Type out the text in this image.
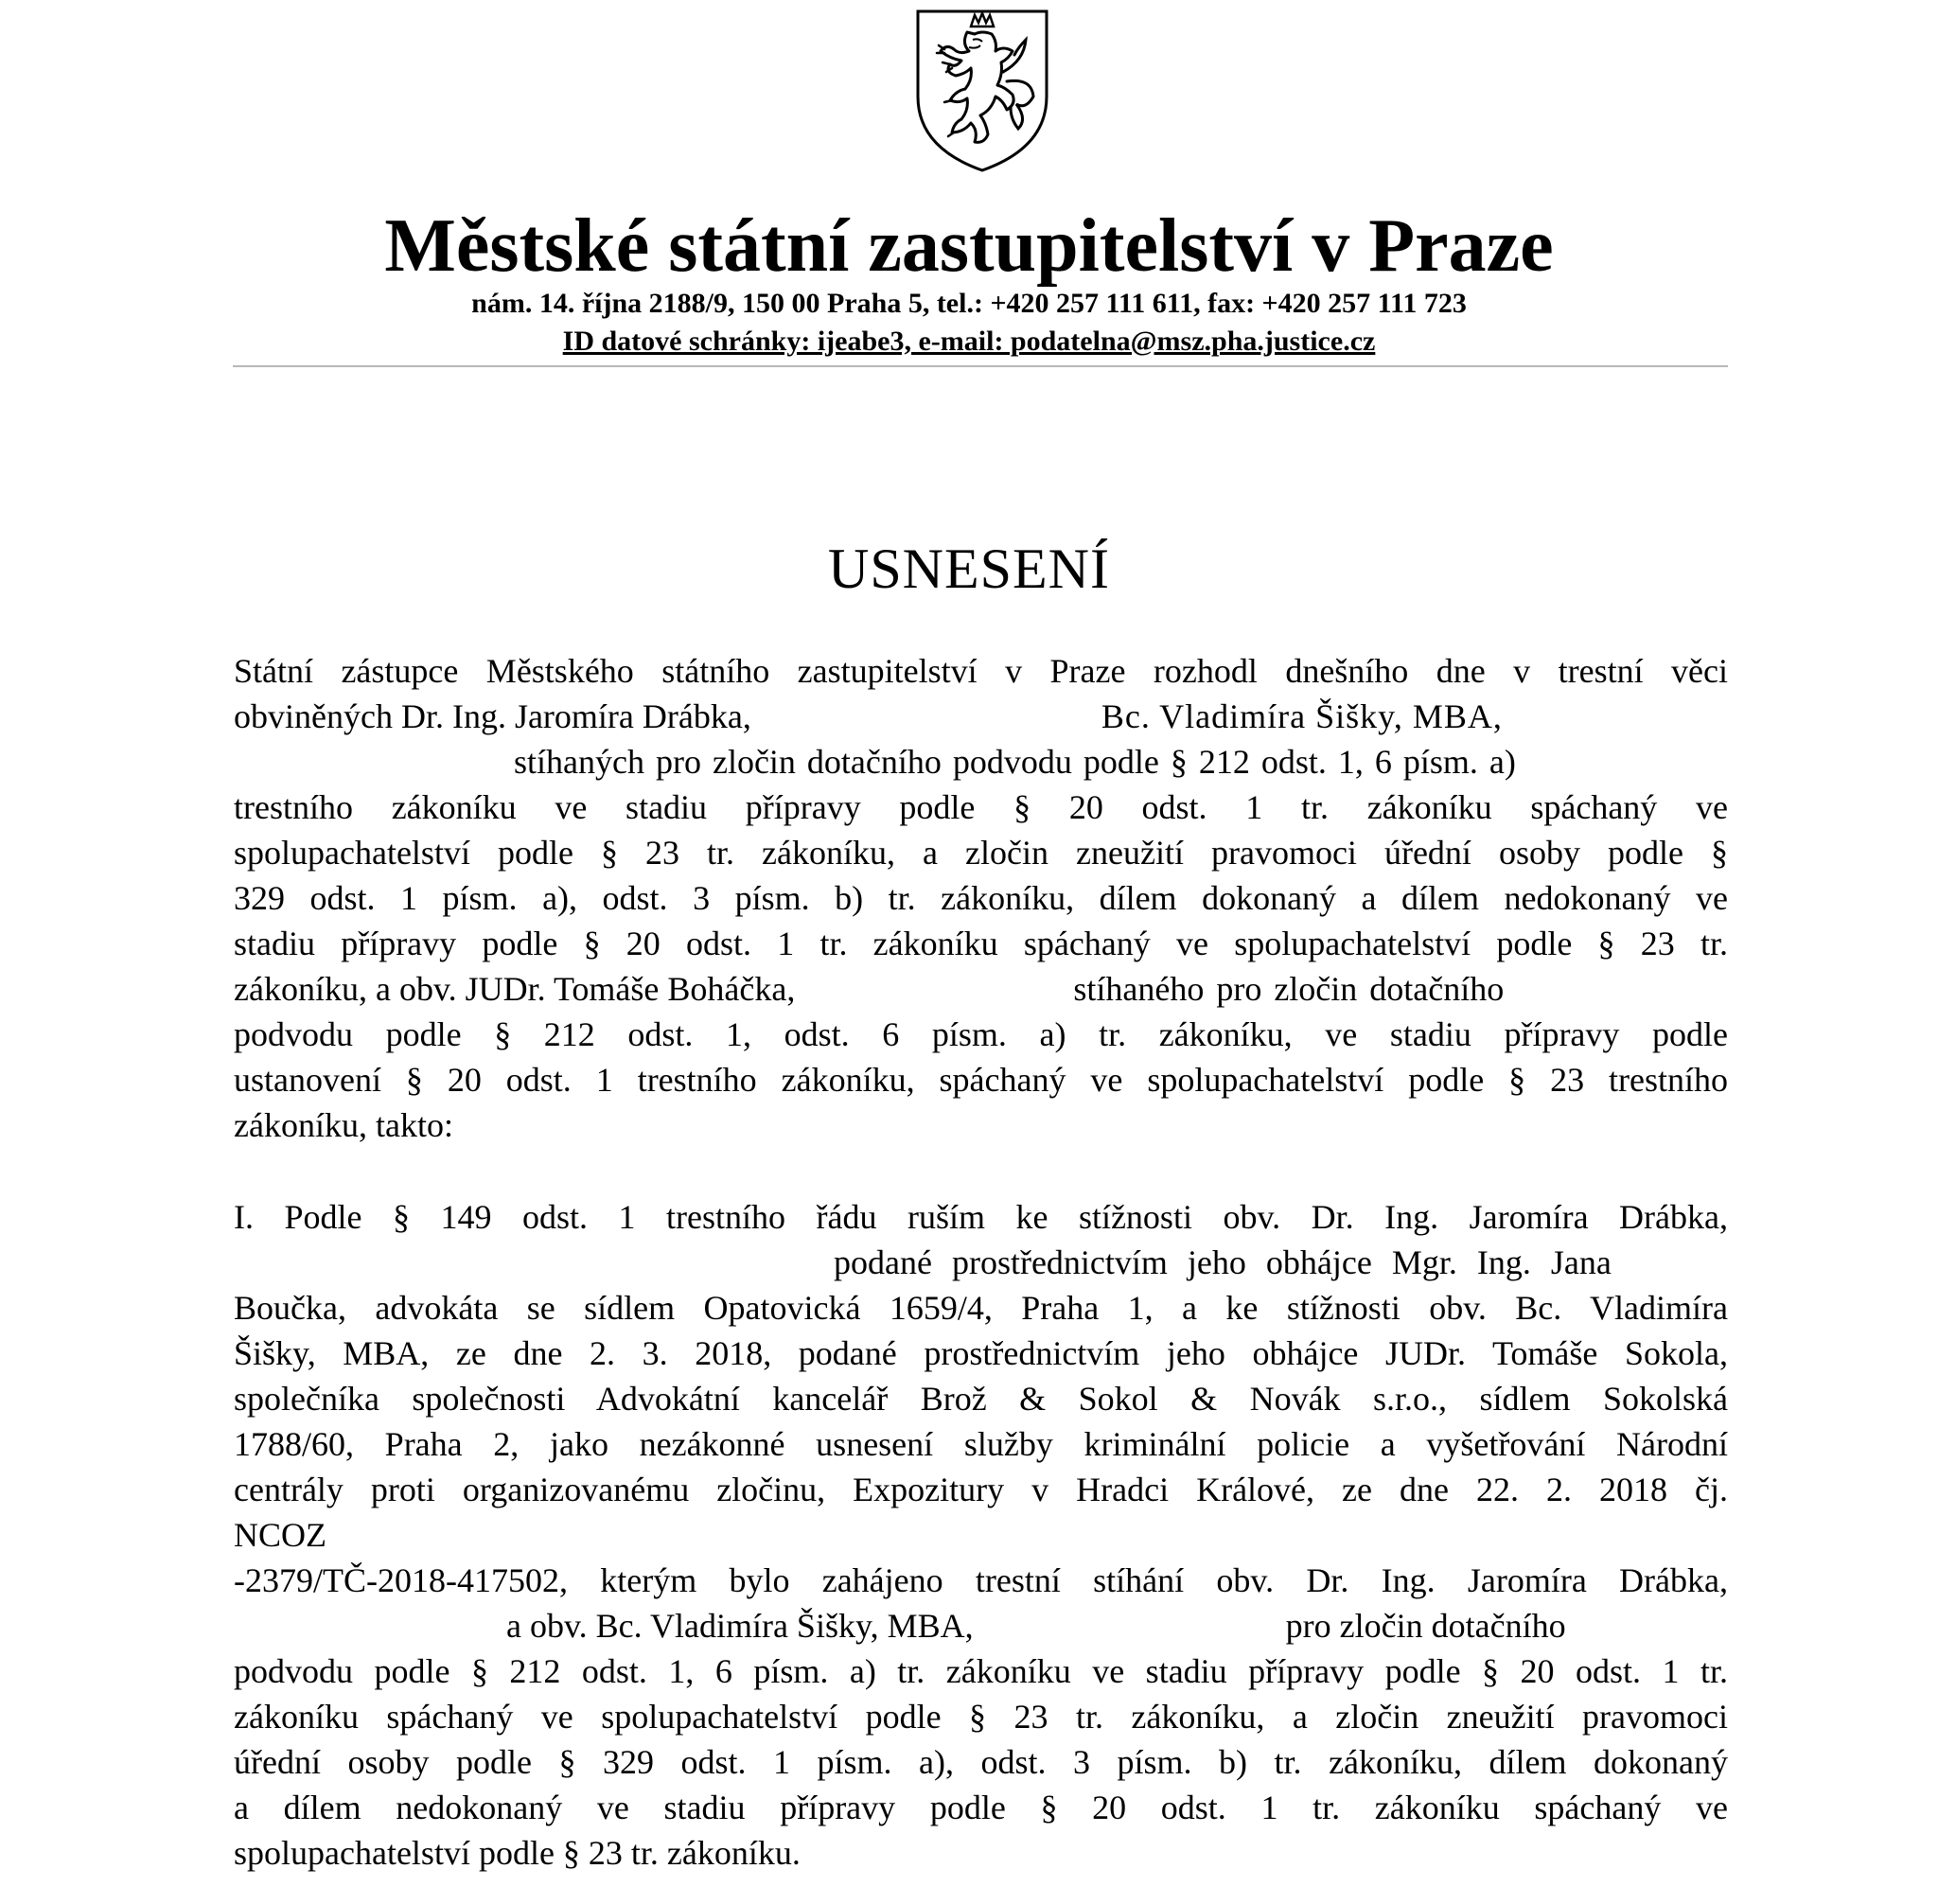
Městské státní zastupitelství v Praze
nám. 14. října 2188/9, 150 00 Praha 5, tel.: +420 257 111 611, fax: +420 257 111 723
ID datové schránky: ijeabe3, e-mail: podatelna@msz.pha.justice.cz
USNESENÍ
Státní zástupce Městského státního zastupitelství v Praze rozhodl dnešního dne v trestní věci
obviněných Dr. Ing. Jaromíra Drábka,	Bc. Vladimíra Šišky, MBA,
stíhaných pro zločin dotačního podvodu podle § 212 odst. 1, 6 písm. a)
trestního zákoníku ve stadiu přípravy podle § 20 odst. 1 tr. zákoníku spáchaný ve
spolupachatelství podle § 23 tr. zákoníku, a zločin zneužití pravomoci úřední osoby podle §
329 odst. 1 písm. a), odst. 3 písm. b) tr. zákoníku, dílem dokonaný a dílem nedokonaný ve
stadiu přípravy podle § 20 odst. 1 tr. zákoníku spáchaný ve spolupachatelství podle § 23 tr.
zákoníku, a obv. JUDr. Tomáše Boháčka,	stíhaného pro zločin dotačního
podvodu podle § 212 odst. 1, odst. 6 písm. a) tr. zákoníku, ve stadiu přípravy podle
ustanovení § 20 odst. 1 trestního zákoníku, spáchaný ve spolupachatelství podle § 23 trestního
zákoníku, takto:
I. Podle § 149 odst. 1 trestního řádu ruším ke stížnosti obv. Dr. Ing. Jaromíra Drábka,
podané prostřednictvím jeho obhájce Mgr. Ing. Jana
Boučka, advokáta se sídlem Opatovická 1659/4, Praha 1, a ke stížnosti obv. Bc. Vladimíra
Šišky, MBA, ze dne 2. 3. 2018, podané prostřednictvím jeho obhájce JUDr. Tomáše Sokola,
společníka společnosti Advokátní kancelář Brož & Sokol & Novák s.r.o., sídlem Sokolská
1788/60, Praha 2, jako nezákonné usnesení služby kriminální policie a vyšetřování Národní
centrály proti organizovanému zločinu, Expozitury v Hradci Králové, ze dne 22. 2. 2018 čj.
NCOZ
-2379/TČ-2018-417502, kterým bylo zahájeno trestní stíhání obv. Dr. Ing. Jaromíra Drábka,
a obv. Bc. Vladimíra Šišky, MBA,	pro zločin dotačního
podvodu podle § 212 odst. 1, 6 písm. a) tr. zákoníku ve stadiu přípravy podle § 20 odst. 1 tr.
zákoníku spáchaný ve spolupachatelství podle § 23 tr. zákoníku, a zločin zneužití pravomoci
úřední osoby podle § 329 odst. 1 písm. a), odst. 3 písm. b) tr. zákoníku, dílem dokonaný
a dílem nedokonaný ve stadiu přípravy podle § 20 odst. 1 tr. zákoníku spáchaný ve
spolupachatelství podle § 23 tr. zákoníku.
